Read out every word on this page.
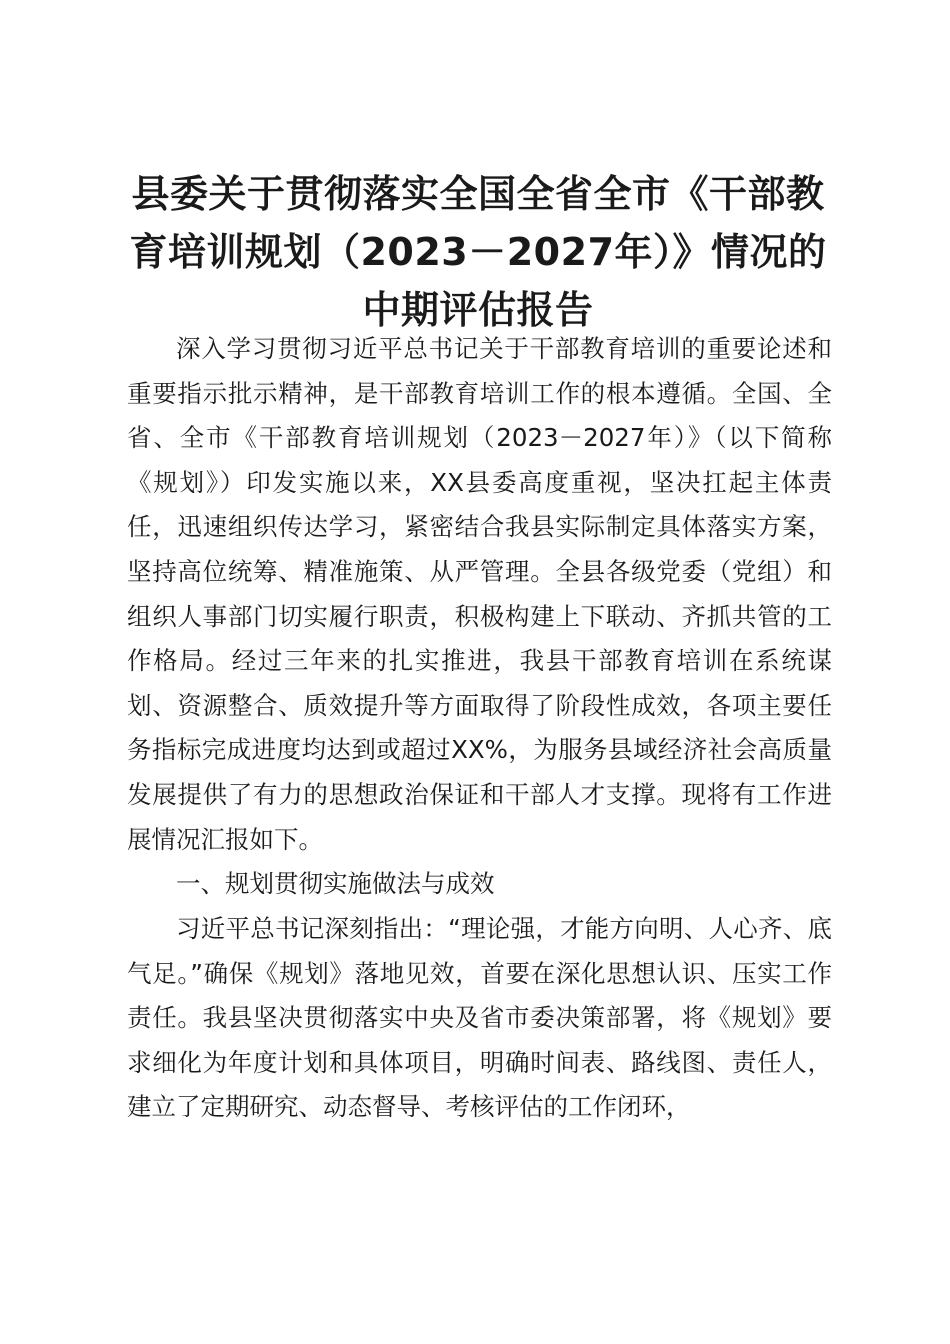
县委关于贯彻落实全国全省全市《干部教育培训规划（2023－2027年）》情况的中期评估报告

深入学习贯彻习近平总书记关于干部教育培训的重要论述和重要指示批示精神，是干部教育培训工作的根本遵循。全国、全省、全市《干部教育培训规划（2023－2027年）》（以下简称《规划》）印发实施以来，XX县委高度重视，坚决扛起主体责任，迅速组织传达学习，紧密结合我县实际制定具体落实方案，坚持高位统筹、精准施策、从严管理。全县各级党委（党组）和组织人事部门切实履行职责，积极构建上下联动、齐抓共管的工作格局。经过三年来的扎实推进，我县干部教育培训在系统谋划、资源整合、质效提升等方面取得了阶段性成效，各项主要任务指标完成进度均达到或超过XX%，为服务县域经济社会高质量发展提供了有力的思想政治保证和干部人才支撑。现将有工作进展情况汇报如下。

一、规划贯彻实施做法与成效

习近平总书记深刻指出：“理论强，才能方向明、人心齐、底气足。”确保《规划》落地见效，首要在深化思想认识、压实工作责任。我县坚决贯彻落实中央及省市委决策部署，将《规划》要求细化为年度计划和具体项目，明确时间表、路线图、责任人，建立了定期研究、动态督导、考核评估的工作闭环，
